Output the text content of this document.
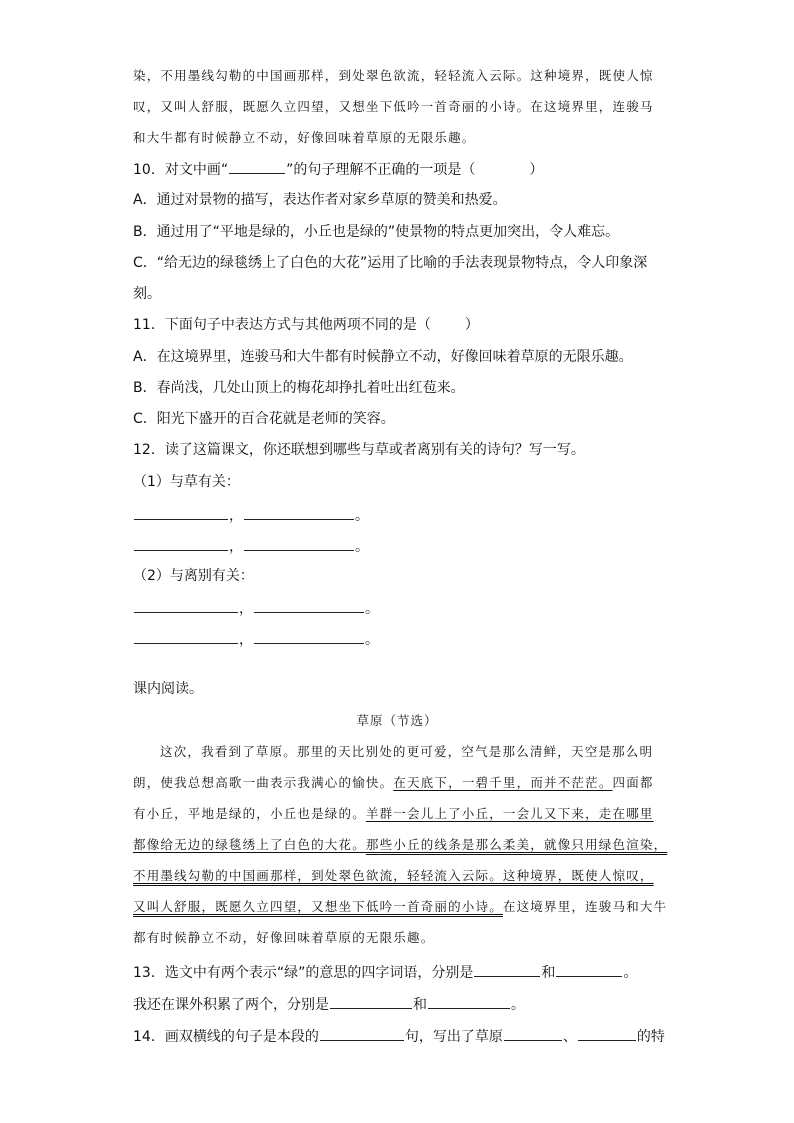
染，不用墨线勾勒的中国画那样，到处翠色欲流，轻轻流入云际。这种境界，既使人惊
叹，又叫人舒服，既愿久立四望，又想坐下低吟一首奇丽的小诗。在这境界里，连骏马
和大牛都有时候静立不动，好像回味着草原的无限乐趣。
10．对文中画“	”的句子理解不正确的一项是（	）
A．通过对景物的描写，表达作者对家乡草原的赞美和热爱。
B．通过用了“平地是绿的，小丘也是绿的”使景物的特点更加突出，令人难忘。
C．“给无边的绿毯绣上了白色的大花”运用了比喻的手法表现景物特点，令人印象深
刻。
11．下面句子中表达方式与其他两项不同的是（ ）
A．在这境界里，连骏马和大牛都有时候静立不动，好像回味着草原的无限乐趣。
B．春尚浅，几处山顶上的梅花却挣扎着吐出红苞来。
C．阳光下盛开的百合花就是老师的笑容。
12．读了这篇课文，你还联想到哪些与草或者离别有关的诗句？写一写。
（1）与草有关：
，	。
，	。
（2）与离别有关：
，	。
，	。
课内阅读。
草原（节选）
这次，我看到了草原。那里的天比别处的更可爱，空气是那么清鲜，天空是那么明
朗，使我总想高歌一曲表示我满心的愉快。在天底下，一碧千里，而并不茫茫。四面都
有小丘，平地是绿的，小丘也是绿的。羊群一会儿上了小丘，一会儿又下来，走在哪里
都像给无边的绿毯绣上了白色的大花。那些小丘的线条是那么柔美，就像只用绿色渲染，
不用墨线勾勒的中国画那样，到处翠色欲流，轻轻流入云际。这种境界，既使人惊叹，
又叫人舒服，既愿久立四望，又想坐下低吟一首奇丽的小诗。在这境界里，连骏马和大牛
都有时候静立不动，好像回味着草原的无限乐趣。
13．选文中有两个表示“绿”的意思的四字词语，分别是	和	。
我还在课外积累了两个，分别是	和	。
14．画双横线的句子是本段的	句，写出了草原	、	的特
